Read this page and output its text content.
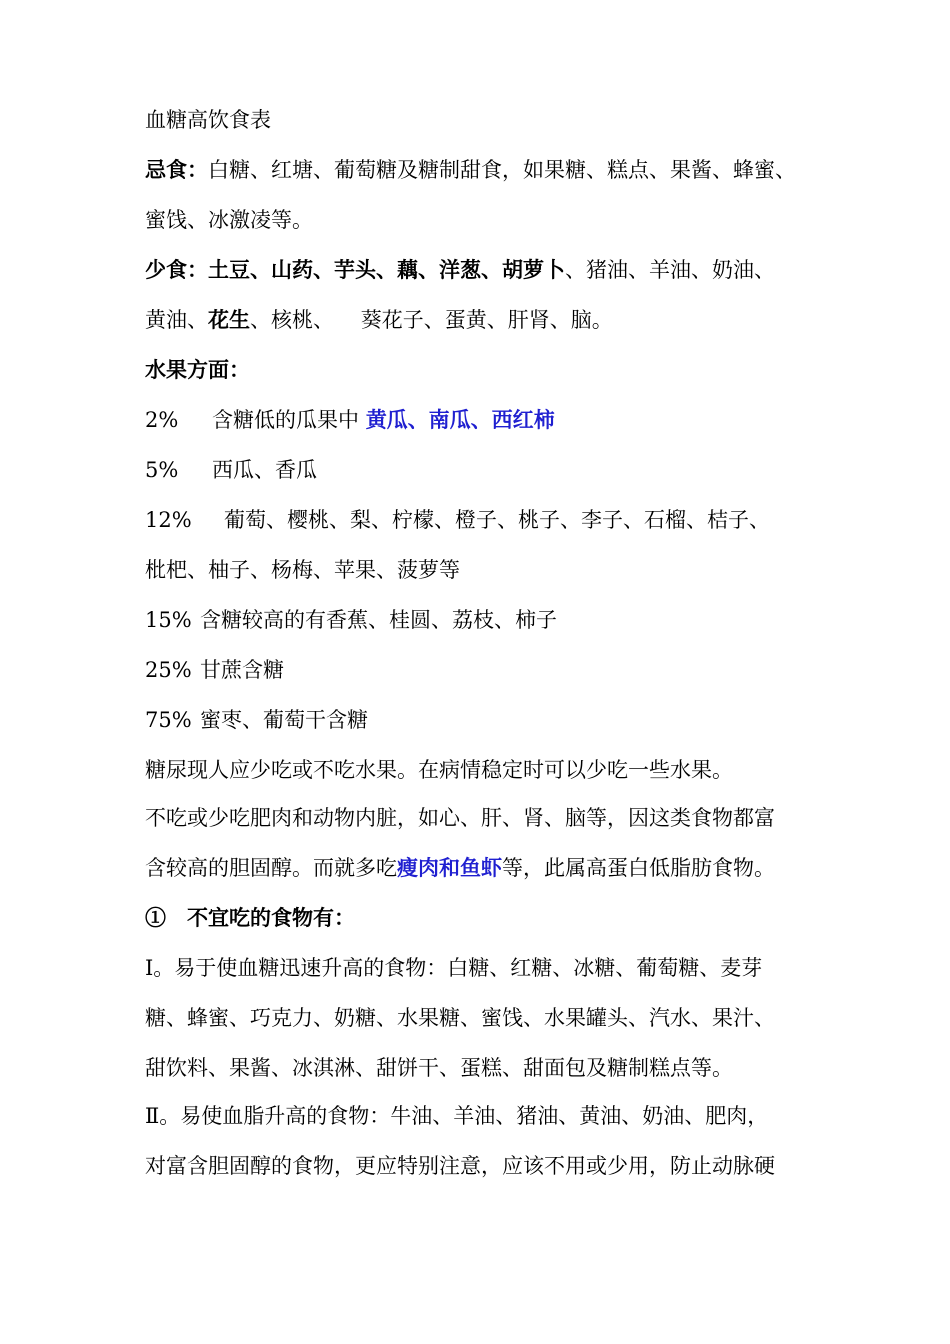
血糖高饮食表
忌食：白糖、红塘、葡萄糖及糖制甜食，如果糖、糕点、果酱、蜂蜜、
蜜饯、冰激凌等。
少食：土豆、山药、芋头、藕、洋葱、胡萝卜、猪油、羊油、奶油、
黄油、花生、核桃、    葵花子、蛋黄、肝肾、脑。
水果方面：
2% 含糖低的瓜果中 黄瓜、南瓜、西红柿
5% 西瓜、香瓜
12% 葡萄、樱桃、梨、柠檬、橙子、桃子、李子、石榴、桔子、
枇杷、柚子、杨梅、苹果、菠萝等
15% 含糖较高的有香蕉、桂圆、荔枝、柿子
25% 甘蔗含糖
75% 蜜枣、葡萄干含糖
糖尿现人应少吃或不吃水果。在病情稳定时可以少吃一些水果。
不吃或少吃肥肉和动物内脏，如心、肝、肾、脑等，因这类食物都富
含较高的胆固醇。而就多吃瘦肉和鱼虾等，此属高蛋白低脂肪食物。
①　不宜吃的食物有：
Ⅰ。易于使血糖迅速升高的食物：白糖、红糖、冰糖、葡萄糖、麦芽
糖、蜂蜜、巧克力、奶糖、水果糖、蜜饯、水果罐头、汽水、果汁、
甜饮料、果酱、冰淇淋、甜饼干、蛋糕、甜面包及糖制糕点等。
Ⅱ。易使血脂升高的食物：牛油、羊油、猪油、黄油、奶油、肥肉，
对富含胆固醇的食物，更应特别注意，应该不用或少用，防止动脉硬
